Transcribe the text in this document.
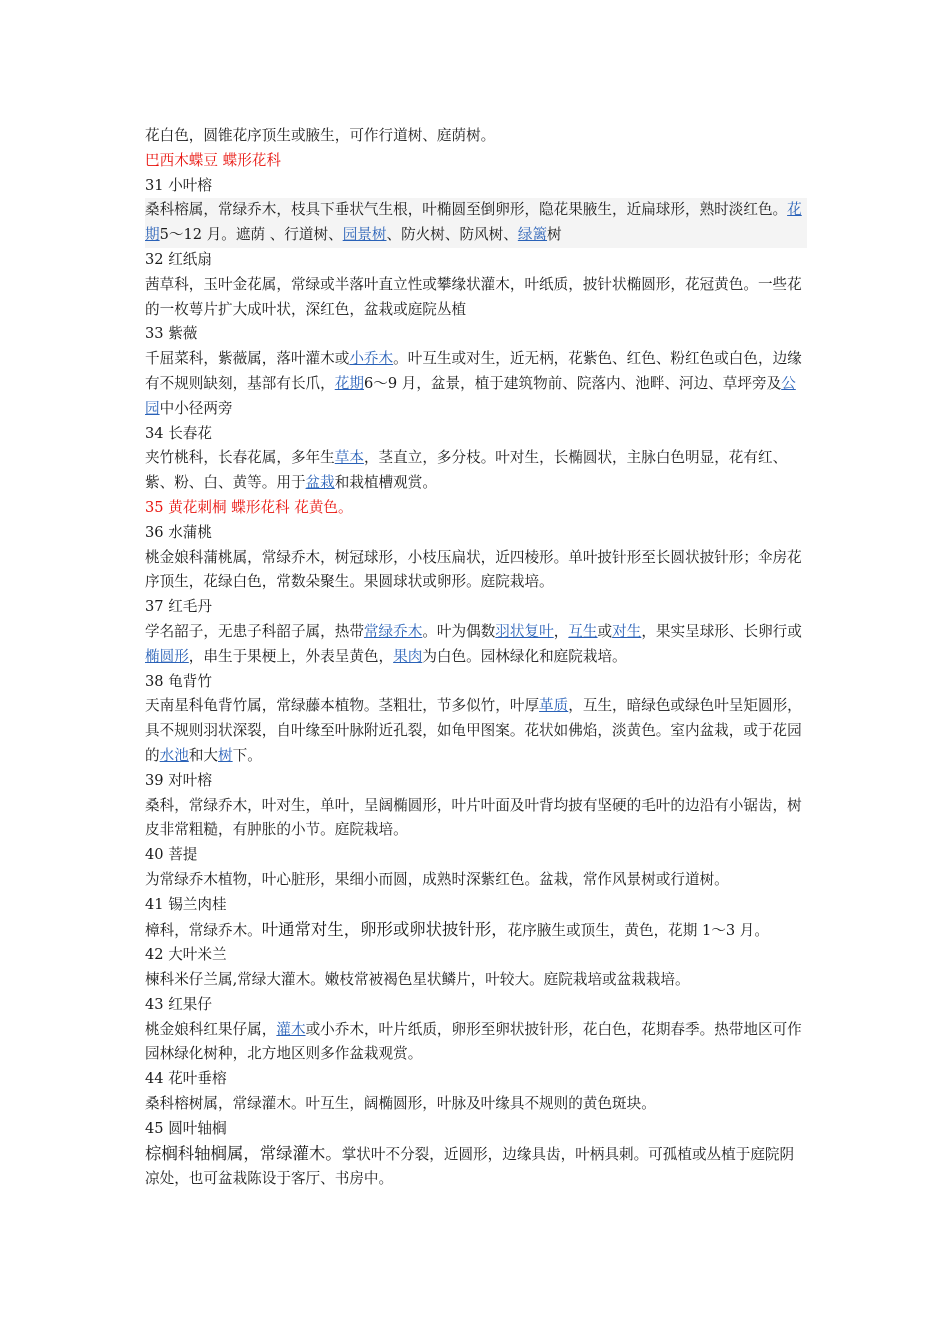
花白色，圆锥花序顶生或腋生，可作行道树、庭荫树。
巴西木蝶豆 蝶形花科
31 小叶榕
桑科榕属，常绿乔木，枝具下垂状气生根，叶椭圆至倒卵形，隐花果腋生，近扁球形，熟时淡红色。花期5～12 月。遮荫 、行道树、园景树、防火树、防风树、绿篱树
32 红纸扇
茜草科，玉叶金花属，常绿或半落叶直立性或攀缘状灌木，叶纸质，披针状椭圆形，花冠黄色。一些花的一枚萼片扩大成叶状，深红色，盆栽或庭院丛植
33 紫薇
千屈菜科，紫薇属，落叶灌木或小乔木。叶互生或对生，近无柄，花紫色、红色、粉红色或白色，边缘有不规则缺刻，基部有长爪，花期6～9 月，盆景，植于建筑物前、院落内、池畔、河边、草坪旁及公园中小径两旁
34 长春花
夹竹桃科，长春花属，多年生草本，茎直立，多分枝。叶对生，长椭圆状，主脉白色明显，花有红、紫、粉、白、黄等。用于盆栽和栽植槽观赏。
35 黄花刺桐 蝶形花科 花黄色。
36 水蒲桃
桃金娘科蒲桃属，常绿乔木，树冠球形，小枝压扁状，近四棱形。单叶披针形至长圆状披针形；伞房花序顶生，花绿白色，常数朵聚生。果圆球状或卵形。庭院栽培。
37 红毛丹
学名韶子，无患子科韶子属，热带常绿乔木。叶为偶数羽状复叶，互生或对生，果实呈球形、长卵行或椭圆形，串生于果梗上，外表呈黄色，果肉为白色。园林绿化和庭院栽培。
38 龟背竹
天南星科龟背竹属，常绿藤本植物。茎粗壮，节多似竹，叶厚革质，互生，暗绿色或绿色叶呈矩圆形，具不规则羽状深裂，自叶缘至叶脉附近孔裂，如龟甲图案。花状如佛焰，淡黄色。室内盆栽，或于花园的水池和大树下。
39 对叶榕
桑科，常绿乔木，叶对生，单叶，呈阔椭圆形，叶片叶面及叶背均披有坚硬的毛叶的边沿有小锯齿，树皮非常粗糙，有肿胀的小节。庭院栽培。
40 菩提
为常绿乔木植物，叶心脏形，果细小而圆，成熟时深紫红色。盆栽，常作风景树或行道树。
41 锡兰肉桂
樟科，常绿乔木。叶通常对生，卵形或卵状披针形，花序腋生或顶生，黄色，花期 1～3 月。
42 大叶米兰
楝科米仔兰属,常绿大灌木。嫩枝常被褐色星状鳞片，叶较大。庭院栽培或盆栽栽培。
43 红果仔
桃金娘科红果仔属，灌木或小乔木，叶片纸质，卵形至卵状披针形，花白色，花期春季。热带地区可作园林绿化树种，北方地区则多作盆栽观赏。
44 花叶垂榕
桑科榕树属，常绿灌木。叶互生，阔椭圆形，叶脉及叶缘具不规则的黄色斑块。
45 圆叶轴榈
棕榈科轴榈属，常绿灌木。掌状叶不分裂，近圆形，边缘具齿，叶柄具刺。可孤植或丛植于庭院阴凉处，也可盆栽陈设于客厅、书房中。
